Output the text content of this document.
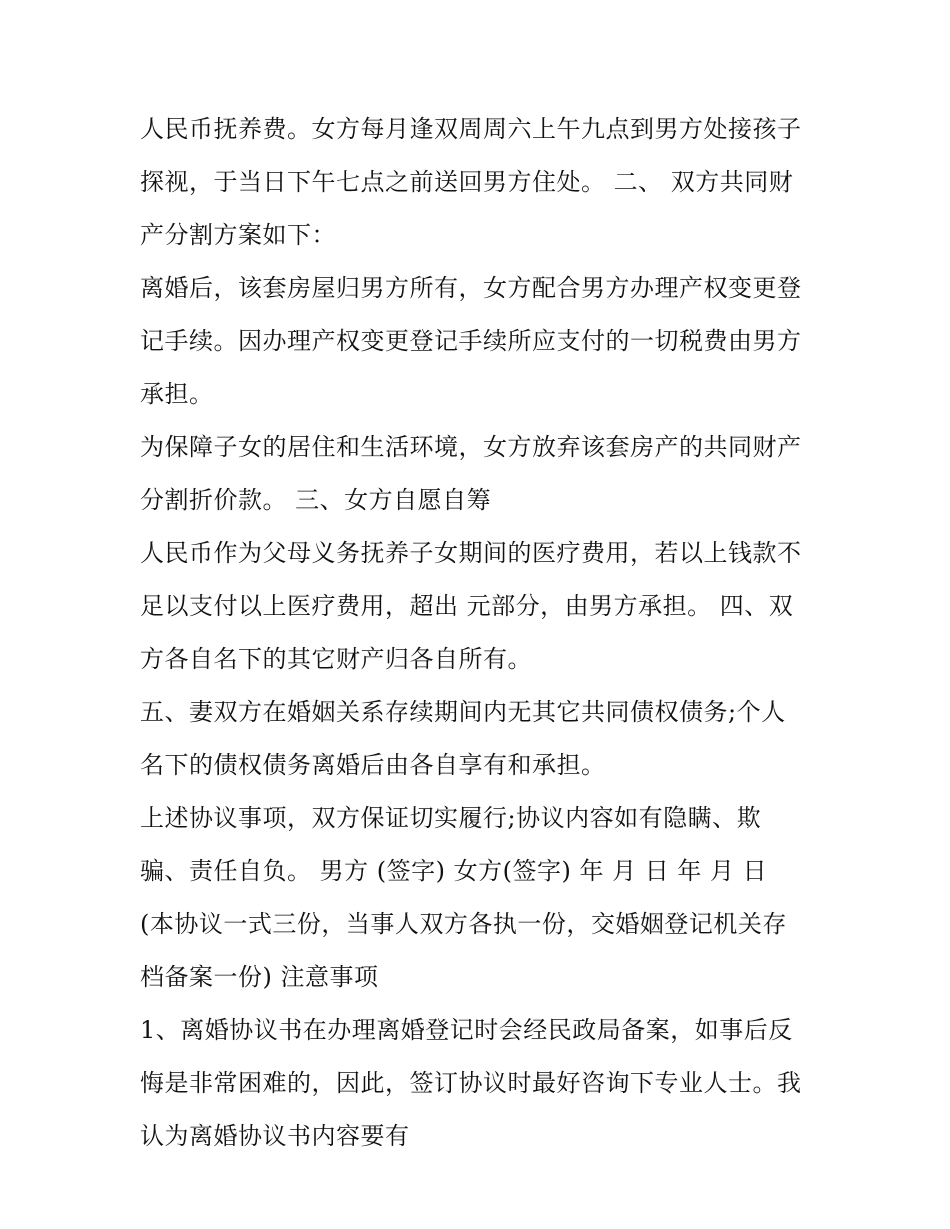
人民币抚养费。女方每月逢双周周六上午九点到男方处接孩子
探视，于当日下午七点之前送回男方住处。 二、 双方共同财
产分割方案如下：
离婚后，该套房屋归男方所有，女方配合男方办理产权变更登
记手续。因办理产权变更登记手续所应支付的一切税费由男方
承担。
为保障子女的居住和生活环境，女方放弃该套房产的共同财产
分割折价款。 三、女方自愿自筹
人民币作为父母义务抚养子女期间的医疗费用，若以上钱款不
足以支付以上医疗费用，超出 元部分，由男方承担。 四、双
方各自名下的其它财产归各自所有。
五、妻双方在婚姻关系存续期间内无其它共同债权债务;个人
名下的债权债务离婚后由各自享有和承担。
上述协议事项，双方保证切实履行;协议内容如有隐瞒、欺
骗、责任自负。 男方 (签字) 女方(签字) 年 月 日 年 月 日
(本协议一式三份，当事人双方各执一份，交婚姻登记机关存
档备案一份) 注意事项
1、离婚协议书在办理离婚登记时会经民政局备案，如事后反
悔是非常困难的，因此，签订协议时最好咨询下专业人士。我
认为离婚协议书内容要有
